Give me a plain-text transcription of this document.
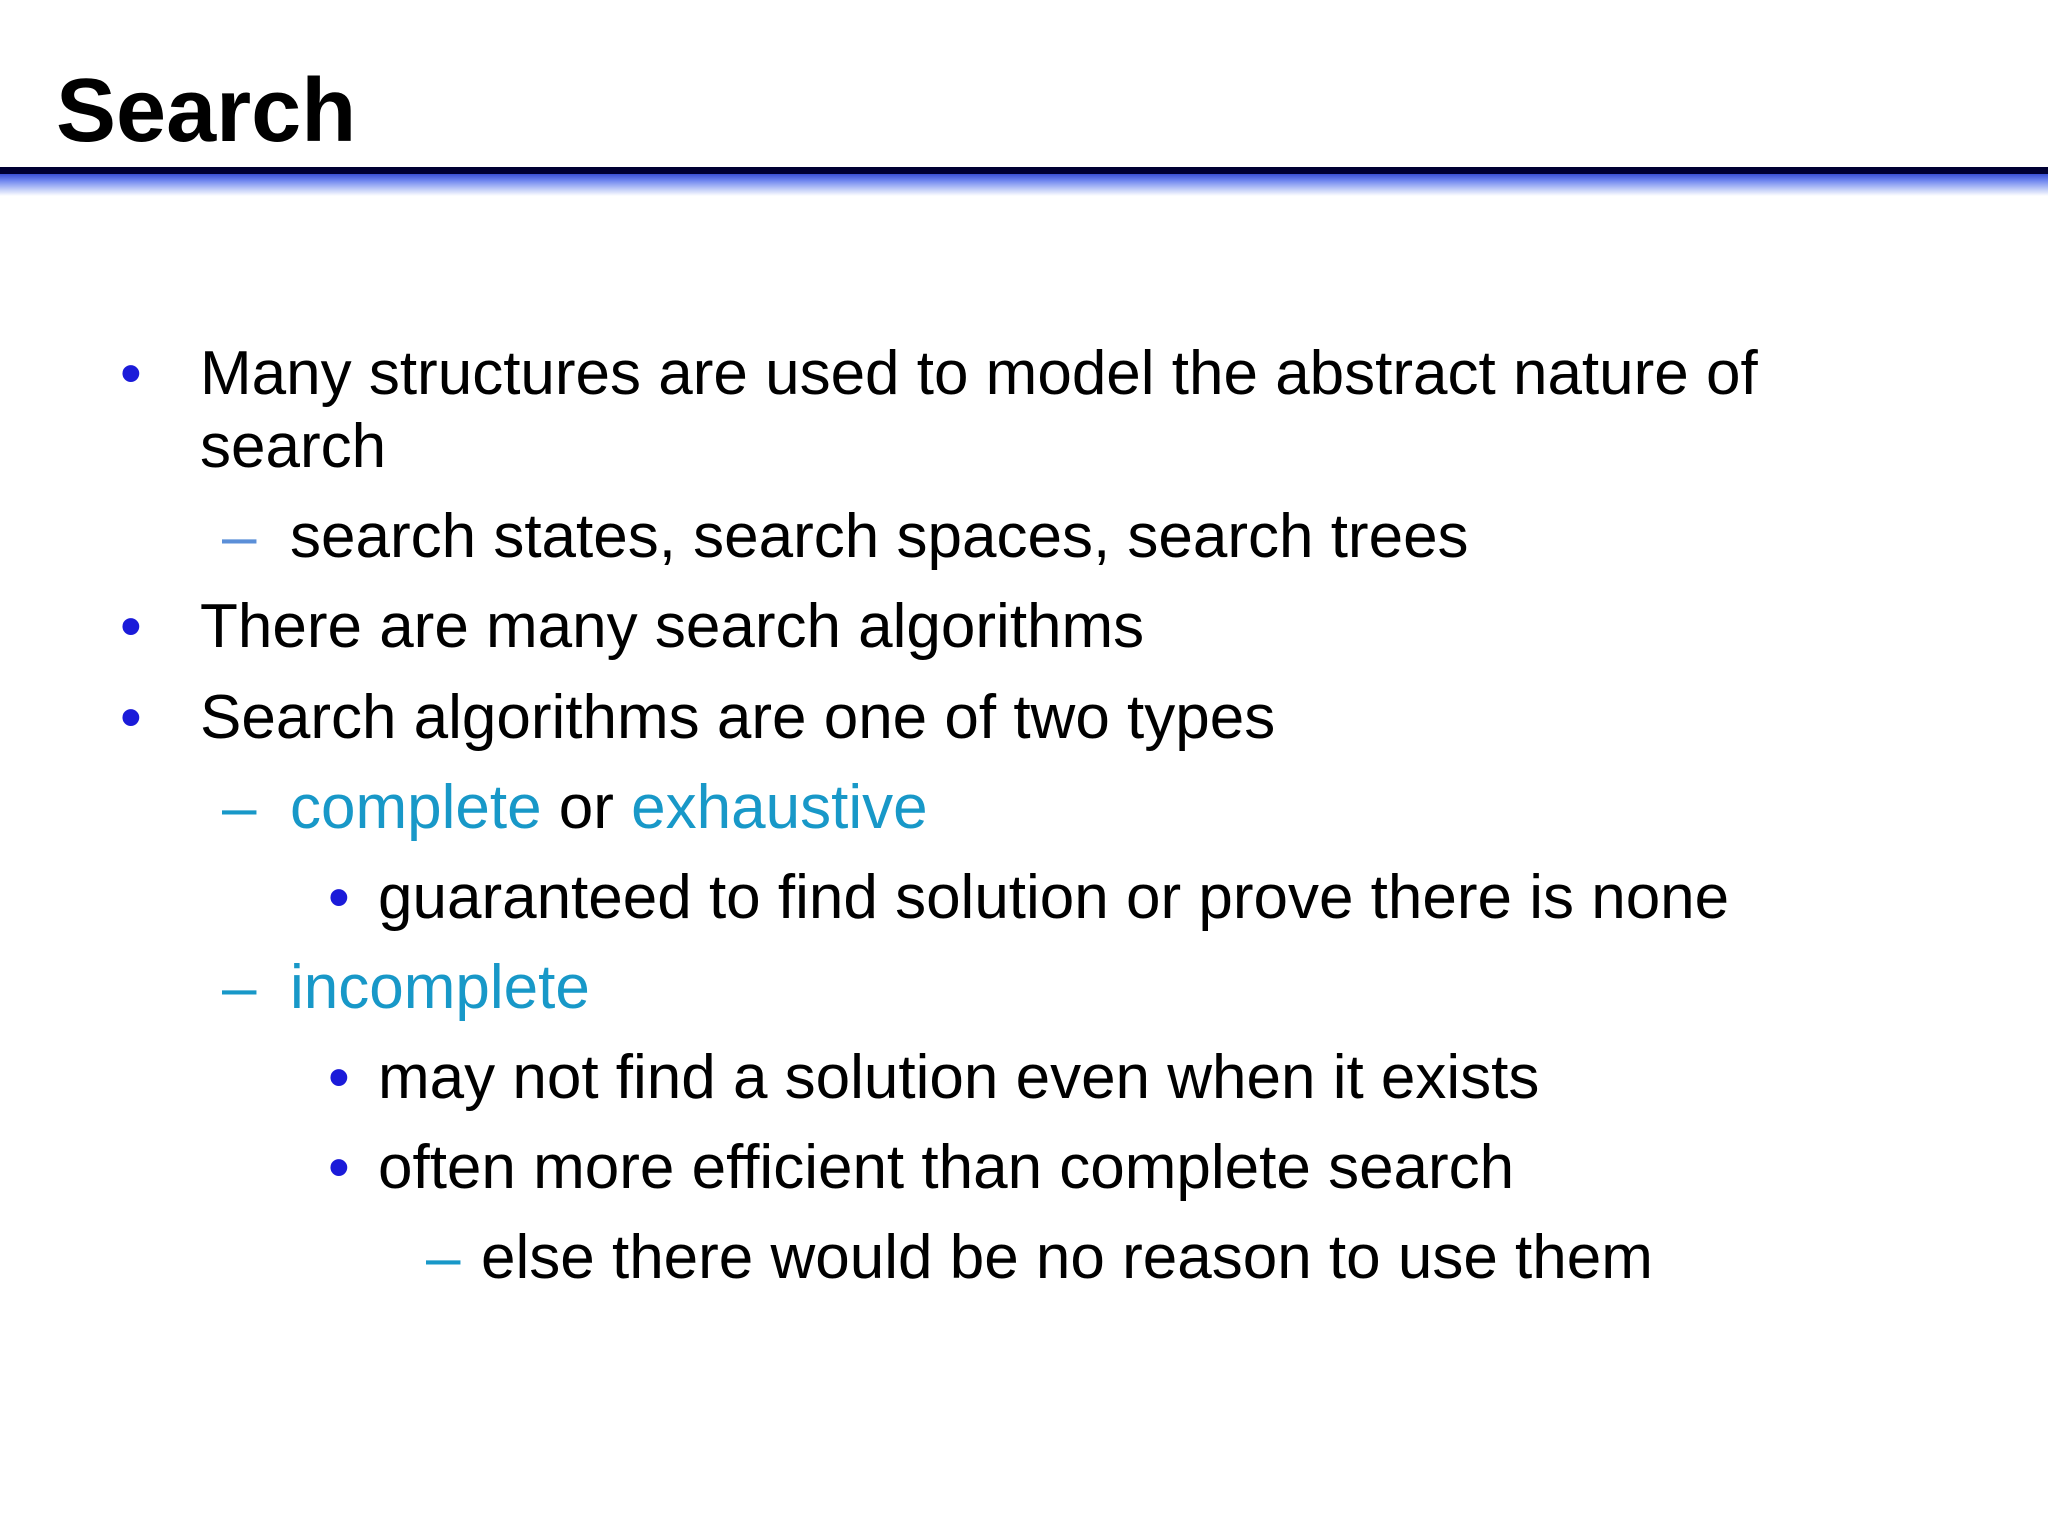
Search
• Many structures are used to model the abstract nature of
search
– search states, search spaces, search trees
• There are many search algorithms
• Search algorithms are one of two types
– complete or exhaustive
• guaranteed to find solution or prove there is none
– incomplete
• may not find a solution even when it exists
• often more efficient than complete search
– else there would be no reason to use them
